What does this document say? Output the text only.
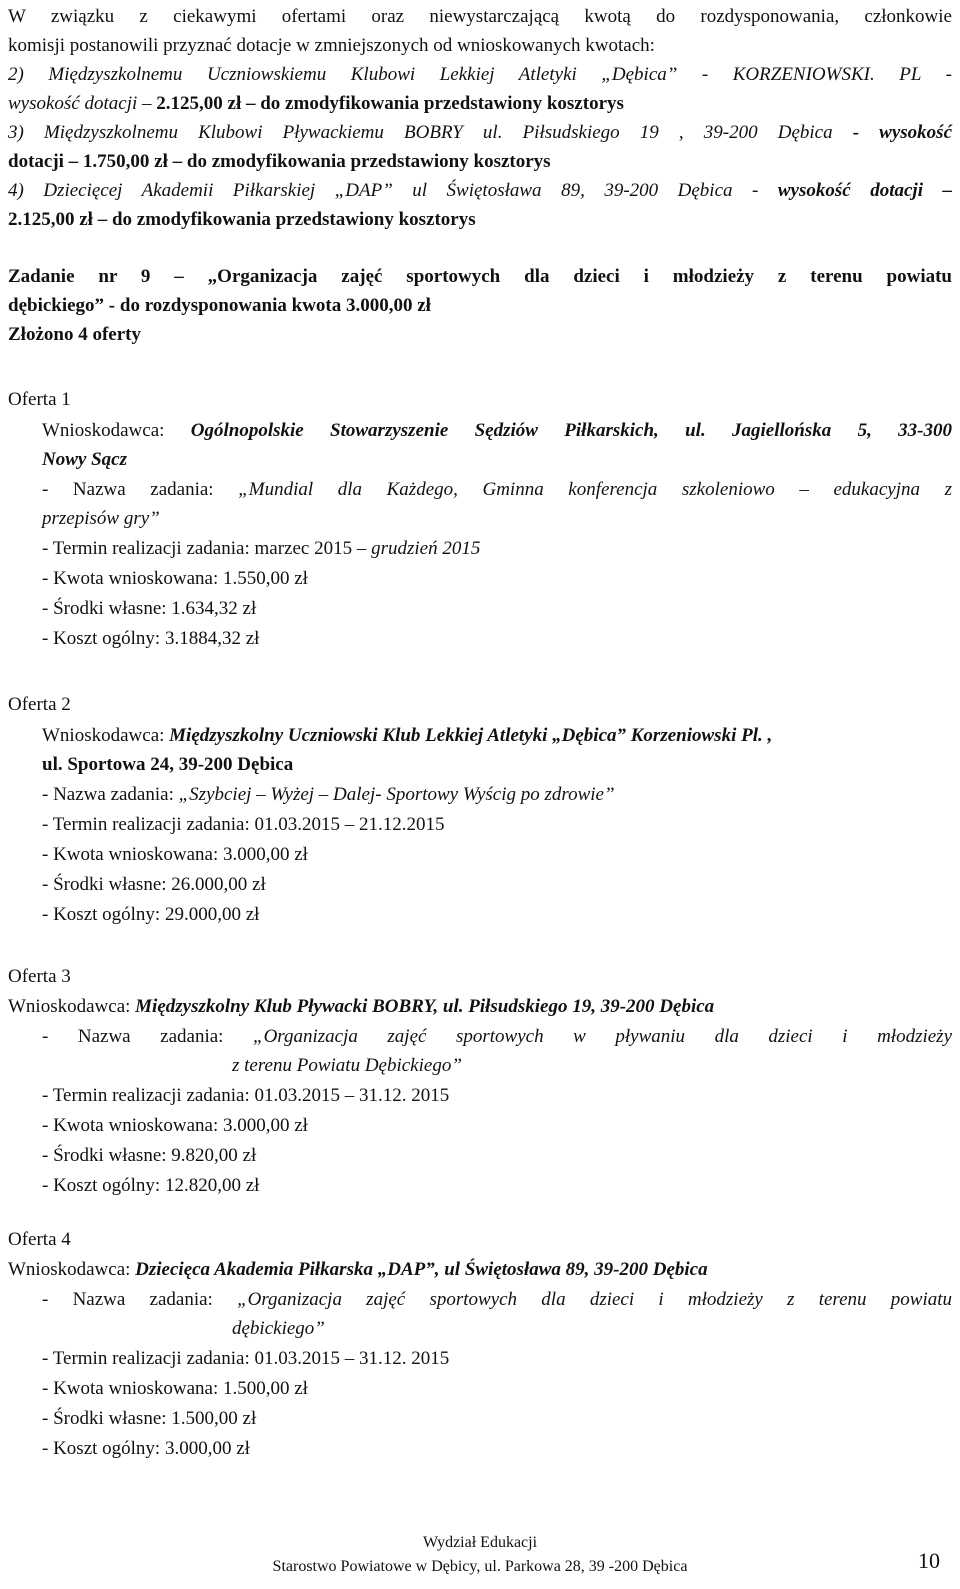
W związku z ciekawymi ofertami oraz niewystarczającą kwotą do rozdysponowania, członkowie

komisji postanowili przyznać dotacje w zmniejszonych od wnioskowanych kwotach:

2) Międzyszkolnemu Uczniowskiemu Klubowi Lekkiej Atletyki „Dębica” - KORZENIOWSKI. PL -

wysokość dotacji – 2.125,00 zł – do zmodyfikowania przedstawiony kosztorys

3) Międzyszkolnemu Klubowi Pływackiemu BOBRY ul. Piłsudskiego 19 , 39-200 Dębica - wysokość

dotacji – 1.750,00 zł – do zmodyfikowania przedstawiony kosztorys

4) Dziecięcej Akademii Piłkarskiej „DAP” ul Świętosława 89, 39-200 Dębica - wysokość dotacji –

2.125,00 zł – do zmodyfikowania przedstawiony kosztorys

Zadanie nr 9 – „Organizacja zajęć sportowych dla dzieci i młodzieży z terenu powiatu

dębickiego” - do rozdysponowania kwota 3.000,00 zł

Złożono 4 oferty

Oferta 1

Wnioskodawca: Ogólnopolskie Stowarzyszenie Sędziów Piłkarskich, ul. Jagiellońska 5, 33-300

Nowy Sącz

- Nazwa zadania: „Mundial dla Każdego, Gminna konferencja szkoleniowo – edukacyjna z

przepisów gry”

- Termin realizacji zadania: marzec 2015 – grudzień 2015

- Kwota wnioskowana: 1.550,00 zł

- Środki własne: 1.634,32 zł

- Koszt ogólny: 3.1884,32 zł

Oferta 2

Wnioskodawca: Międzyszkolny Uczniowski Klub Lekkiej Atletyki „Dębica” Korzeniowski Pl. ,

ul. Sportowa 24, 39-200 Dębica

- Nazwa zadania: „Szybciej – Wyżej – Dalej- Sportowy Wyścig po zdrowie”

- Termin realizacji zadania: 01.03.2015 – 21.12.2015

- Kwota wnioskowana: 3.000,00 zł

- Środki własne: 26.000,00 zł

- Koszt ogólny: 29.000,00 zł

Oferta 3

Wnioskodawca: Międzyszkolny Klub Pływacki BOBRY, ul. Piłsudskiego 19, 39-200 Dębica

- Nazwa zadania: „Organizacja zajęć sportowych w pływaniu dla dzieci i młodzieży

z terenu Powiatu Dębickiego”

- Termin realizacji zadania: 01.03.2015 – 31.12. 2015

- Kwota wnioskowana: 3.000,00 zł

- Środki własne: 9.820,00 zł

- Koszt ogólny: 12.820,00 zł

Oferta 4

Wnioskodawca: Dziecięca Akademia Piłkarska „DAP”, ul Świętosława 89, 39-200 Dębica

- Nazwa zadania: „Organizacja zajęć sportowych dla dzieci i młodzieży z terenu powiatu

dębickiego”

- Termin realizacji zadania: 01.03.2015 – 31.12. 2015

- Kwota wnioskowana: 1.500,00 zł

- Środki własne: 1.500,00 zł

- Koszt ogólny: 3.000,00 zł

Wydział Edukacji
Starostwo Powiatowe w Dębicy, ul. Parkowa 28, 39 -200 Dębica	10
